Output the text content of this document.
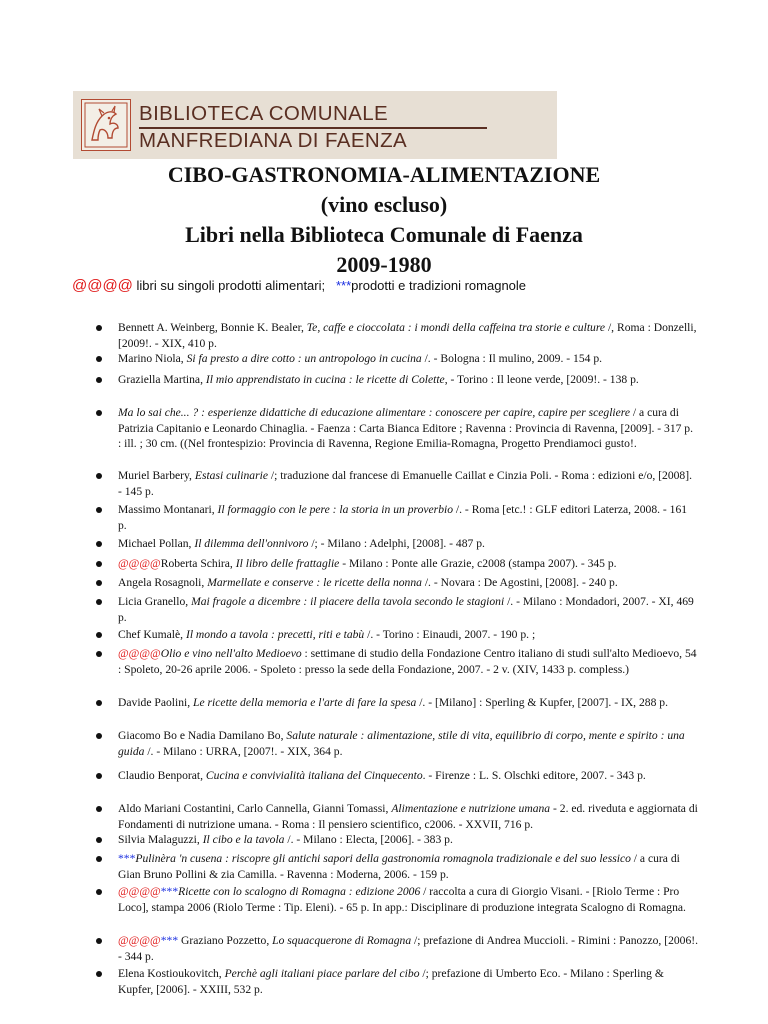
BIBLIOTECA COMUNALE
MANFREDIANA DI FAENZA
CIBO-GASTRONOMIA-ALIMENTAZIONE
(vino escluso)
Libri nella Biblioteca Comunale di Faenza
2009-1980
@@@@ libri su singoli prodotti alimentari; ***prodotti e tradizioni romagnole
Bennett A. Weinberg, Bonnie K. Bealer, Te, caffe e cioccolata : i mondi della caffeina tra storie e culture /, Roma : Donzelli, [2009!. - XIX, 410 p.
Marino Niola, Si fa presto a dire cotto : un antropologo in cucina /. - Bologna : Il mulino, 2009. - 154 p.
Graziella Martina, Il mio apprendistato in cucina : le ricette di Colette, - Torino : Il leone verde, [2009!. - 138 p.
Ma lo sai che... ? : esperienze didattiche di educazione alimentare : conoscere per capire, capire per scegliere / a cura di Patrizia Capitanio e Leonardo Chinaglia. - Faenza : Carta Bianca Editore ; Ravenna : Provincia di Ravenna, [2009]. - 317 p. : ill. ; 30 cm. ((Nel frontespizio: Provincia di Ravenna, Regione Emilia-Romagna, Progetto Prendiamoci gusto!.
Muriel Barbery, Estasi culinarie /; traduzione dal francese di Emanuelle Caillat e Cinzia Poli. - Roma : edizioni e/o, [2008]. - 145 p.
Massimo Montanari, Il formaggio con le pere : la storia in un proverbio /. - Roma [etc.! : GLF editori Laterza, 2008. - 161 p.
Michael Pollan, Il dilemma dell'onnivoro /; - Milano : Adelphi, [2008]. - 487 p.
@@@@Roberta Schira, Il libro delle frattaglie - Milano : Ponte alle Grazie, c2008 (stampa 2007). - 345 p.
Angela Rosagnoli, Marmellate e conserve : le ricette della nonna /. - Novara : De Agostini, [2008]. - 240 p.
Licia Granello, Mai fragole a dicembre : il piacere della tavola secondo le stagioni /. - Milano : Mondadori, 2007. - XI, 469 p.
Chef Kumalè, Il mondo a tavola : precetti, riti e tabù /. - Torino : Einaudi, 2007. - 190 p. ;
@@@@Olio e vino nell'alto Medioevo : settimane di studio della Fondazione Centro italiano di studi sull'alto Medioevo, 54 : Spoleto, 20-26 aprile 2006. - Spoleto : presso la sede della Fondazione, 2007. - 2 v. (XIV, 1433 p. compless.)
Davide Paolini, Le ricette della memoria e l'arte di fare la spesa /. - [Milano] : Sperling & Kupfer, [2007]. - IX, 288 p.
Giacomo Bo e Nadia Damilano Bo, Salute naturale : alimentazione, stile di vita, equilibrio di corpo, mente e spirito : una guida /. - Milano : URRA, [2007!. - XIX, 364 p.
Claudio Benporat, Cucina e convivialità italiana del Cinquecento. - Firenze : L. S. Olschki editore, 2007. - 343 p.
Aldo Mariani Costantini, Carlo Cannella, Gianni Tomassi, Alimentazione e nutrizione umana - 2. ed. riveduta e aggiornata di Fondamenti di nutrizione umana. - Roma : Il pensiero scientifico, c2006. - XXVII, 716 p.
Silvia Malaguzzi, Il cibo e la tavola /. - Milano : Electa, [2006]. - 383 p.
***Pulinèra 'n cusena : riscopre gli antichi sapori della gastronomia romagnola tradizionale e del suo lessico / a cura di Gian Bruno Pollini & zia Camilla. - Ravenna : Moderna, 2006. - 159 p.
@@@@***Ricette con lo scalogno di Romagna : edizione 2006 / raccolta a cura di Giorgio Visani. - [Riolo Terme : Pro Loco], stampa 2006 (Riolo Terme : Tip. Eleni). - 65 p. In app.: Disciplinare di produzione integrata Scalogno di Romagna.
@@@@*** Graziano Pozzetto, Lo squacquerone di Romagna /; prefazione di Andrea Muccioli. - Rimini : Panozzo, [2006!. - 344 p.
Elena Kostioukovitch, Perchè agli italiani piace parlare del cibo /; prefazione di Umberto Eco. - Milano : Sperling & Kupfer, [2006]. - XXIII, 532 p.
